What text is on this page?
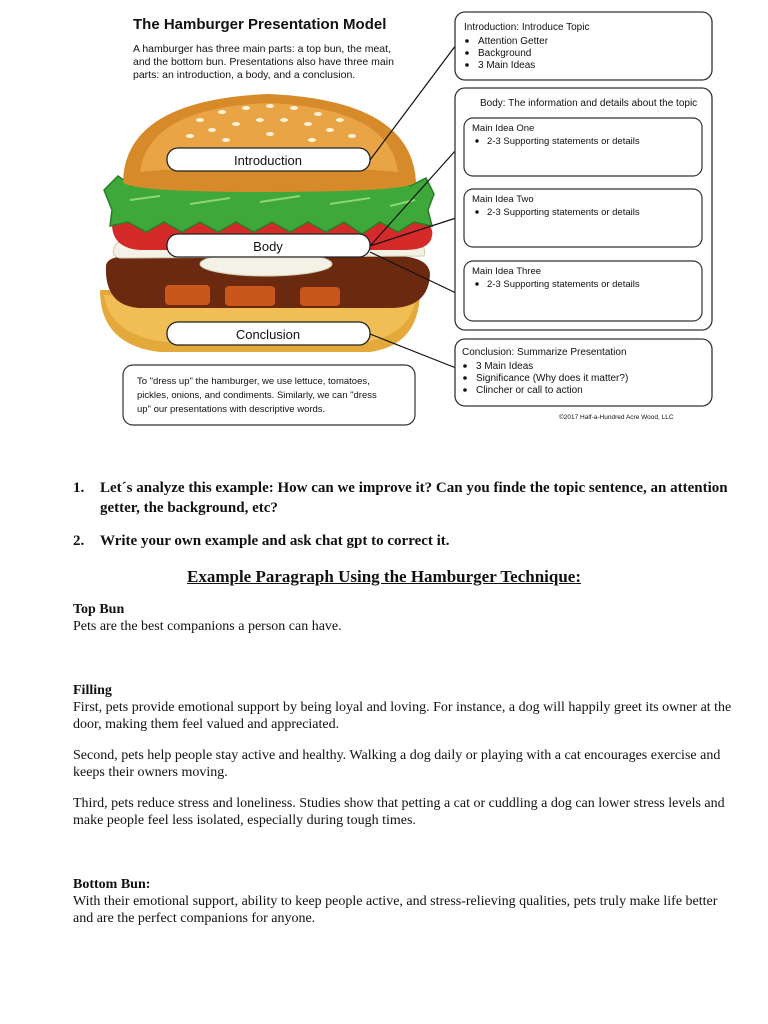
The Hamburger Presentation Model
A hamburger has three main parts: a top bun, the meat,
and the bottom bun. Presentations also have three main
parts: an introduction, a body, and a conclusion.
Introduction
Body
Conclusion
To "dress up" the hamburger, we use lettuce, tomatoes,
pickles, onions, and condiments. Similarly, we can "dress
up" our presentations with descriptive words.
Introduction: Introduce Topic
Attention Getter
Background
3 Main Ideas
Body: The information and details about the topic
Main Idea One
2-3 Supporting statements or details
Main Idea Two
2-3 Supporting statements or details
Main Idea Three
2-3 Supporting statements or details
Conclusion: Summarize Presentation
3 Main Ideas
Significance (Why does it matter?)
Clincher or call to action
©2017 Half-a-Hundred Acre Wood, LLC
1. Let´s analyze this example: How can we improve it? Can you finde the topic sentence, an attention getter, the background, etc?
2. Write your own example and ask chat gpt to correct it.
Example Paragraph Using the Hamburger Technique:
Top Bun
Pets are the best companions a person can have.
Filling
First, pets provide emotional support by being loyal and loving. For instance, a dog will happily greet its owner at the door, making them feel valued and appreciated.
Second, pets help people stay active and healthy. Walking a dog daily or playing with a cat encourages exercise and keeps their owners moving.
Third, pets reduce stress and loneliness. Studies show that petting a cat or cuddling a dog can lower stress levels and make people feel less isolated, especially during tough times.
Bottom Bun:
With their emotional support, ability to keep people active, and stress-relieving qualities, pets truly make life better and are the perfect companions for anyone.
